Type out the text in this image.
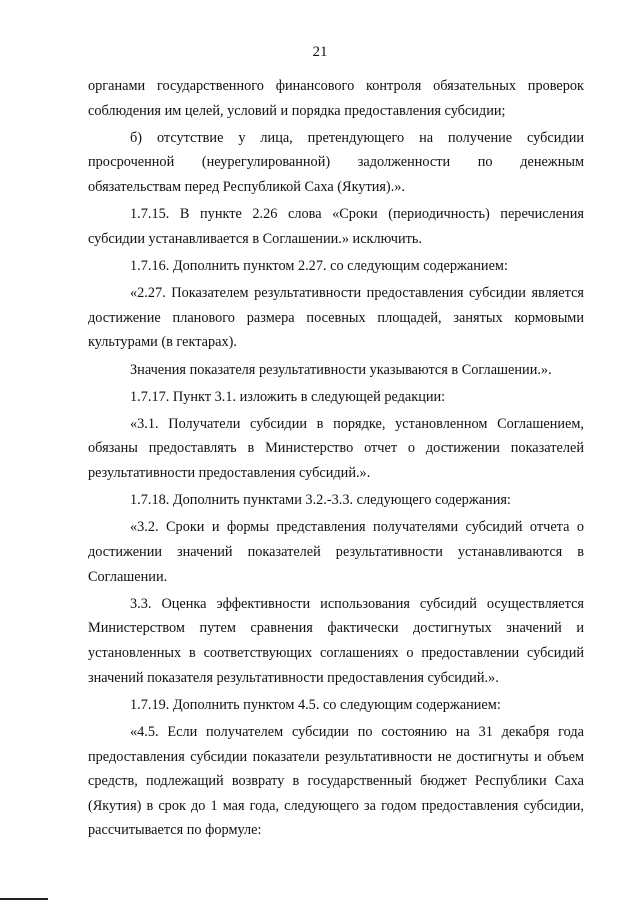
21

органами государственного финансового контроля обязательных проверок соблюдения им целей, условий и порядка предоставления субсидии;

б) отсутствие у лица, претендующего на получение субсидии просроченной (неурегулированной) задолженности по денежным обязательствам перед Республикой Саха (Якутия).».

1.7.15. В пункте 2.26 слова «Сроки (периодичность) перечисления субсидии устанавливается в Соглашении.» исключить.

1.7.16. Дополнить пунктом 2.27. со следующим содержанием:

«2.27. Показателем результативности предоставления субсидии является достижение планового размера посевных площадей, занятых кормовыми культурами (в гектарах).

Значения показателя результативности указываются в Соглашении.».

1.7.17. Пункт 3.1. изложить в следующей редакции:

«3.1. Получатели субсидии в порядке, установленном Соглашением, обязаны предоставлять в Министерство отчет о достижении показателей результативности предоставления субсидий.».

1.7.18. Дополнить пунктами 3.2.-3.3. следующего содержания:

«3.2. Сроки и формы представления получателями субсидий отчета о достижении значений показателей результативности устанавливаются в Соглашении.

3.3. Оценка эффективности использования субсидий осуществляется Министерством путем сравнения фактически достигнутых значений и установленных в соответствующих соглашениях о предоставлении субсидий значений показателя результативности предоставления субсидий.».

1.7.19. Дополнить пунктом 4.5. со следующим содержанием:

«4.5. Если получателем субсидии по состоянию на 31 декабря года предоставления субсидии показатели результативности не достигнуты и объем средств, подлежащий возврату в государственный бюджет Республики Саха (Якутия) в срок до 1 мая года, следующего за годом предоставления субсидии, рассчитывается по формуле:
